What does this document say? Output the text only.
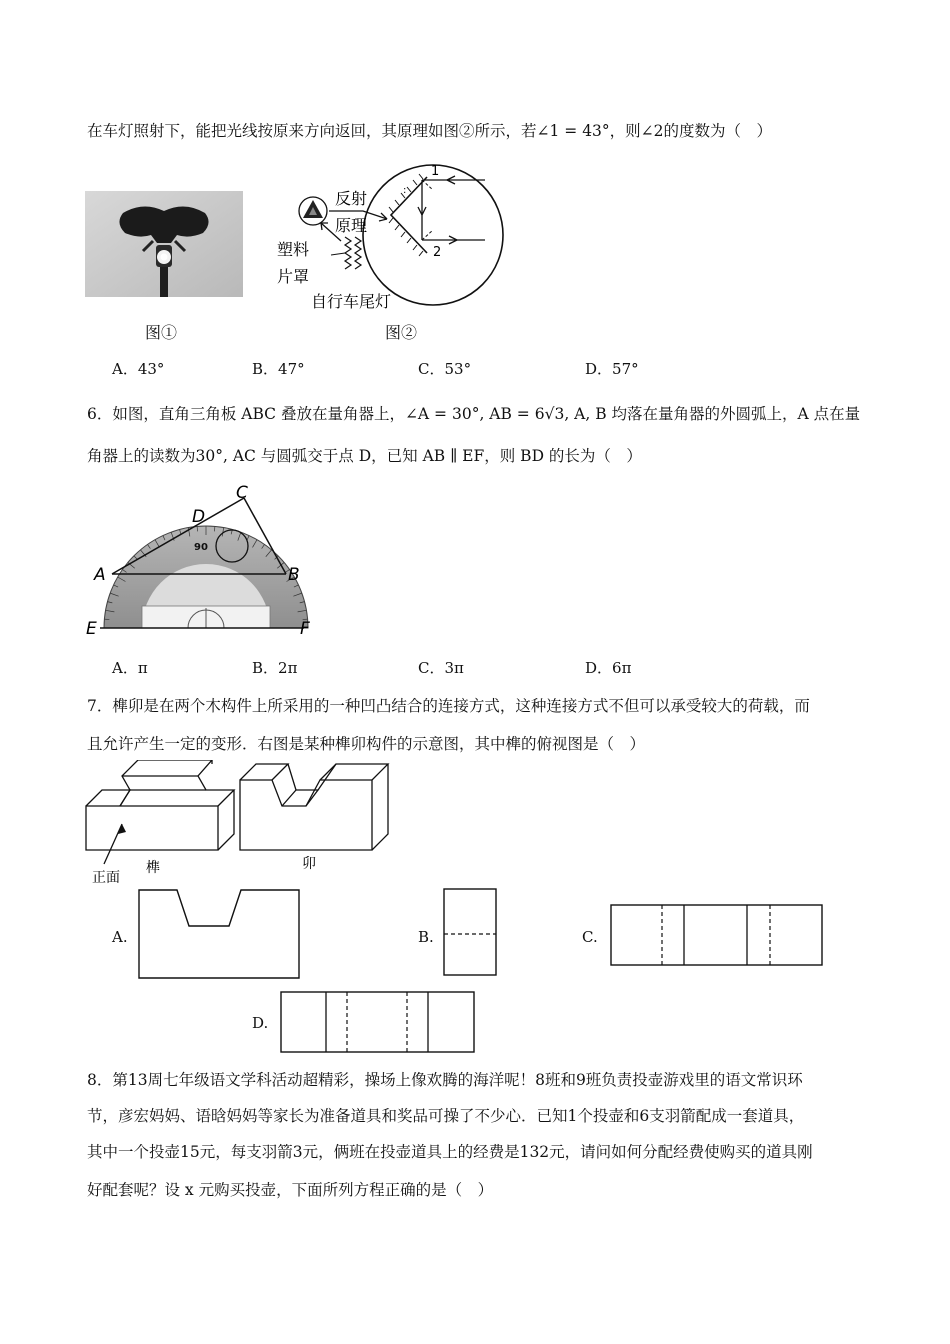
在车灯照射下，能把光线按原来方向返回，其原理如图②所示，若∠1 = 43°，则∠2的度数为（　）
:
1
2
反射
原理
塑料
片罩
自行车尾灯
图①	图②
A．43°	B．47°	C．53°	D．57°
6．如图，直角三角板 ABC 叠放在量角器上，∠A = 30°, AB = 6√3, A, B 均落在量角器的外圆弧上，A 点在量
角器上的读数为30°, AC 与圆弧交于点 D，已知 AB ∥ EF，则 BD 的长为（　）
90
A	B
C
D
E	F
A．π	B．2π	C．3π	D．6π
7．榫卯是在两个木构件上所采用的一种凹凸结合的连接方式，这种连接方式不但可以承受较大的荷载，而
且允许产生一定的变形．右图是某种榫卯构件的示意图，其中榫的俯视图是（　）
正面
榫	卯
A.	B.	C.
D.
8．第13周七年级语文学科活动超精彩，操场上像欢腾的海洋呢！8班和9班负责投壶游戏里的语文常识环
节，彦宏妈妈、语晗妈妈等家长为准备道具和奖品可操了不少心．已知1个投壶和6支羽箭配成一套道具，
其中一个投壶15元，每支羽箭3元，俩班在投壶道具上的经费是132元，请问如何分配经费使购买的道具刚
好配套呢？设 x 元购买投壶，下面所列方程正确的是（　）
